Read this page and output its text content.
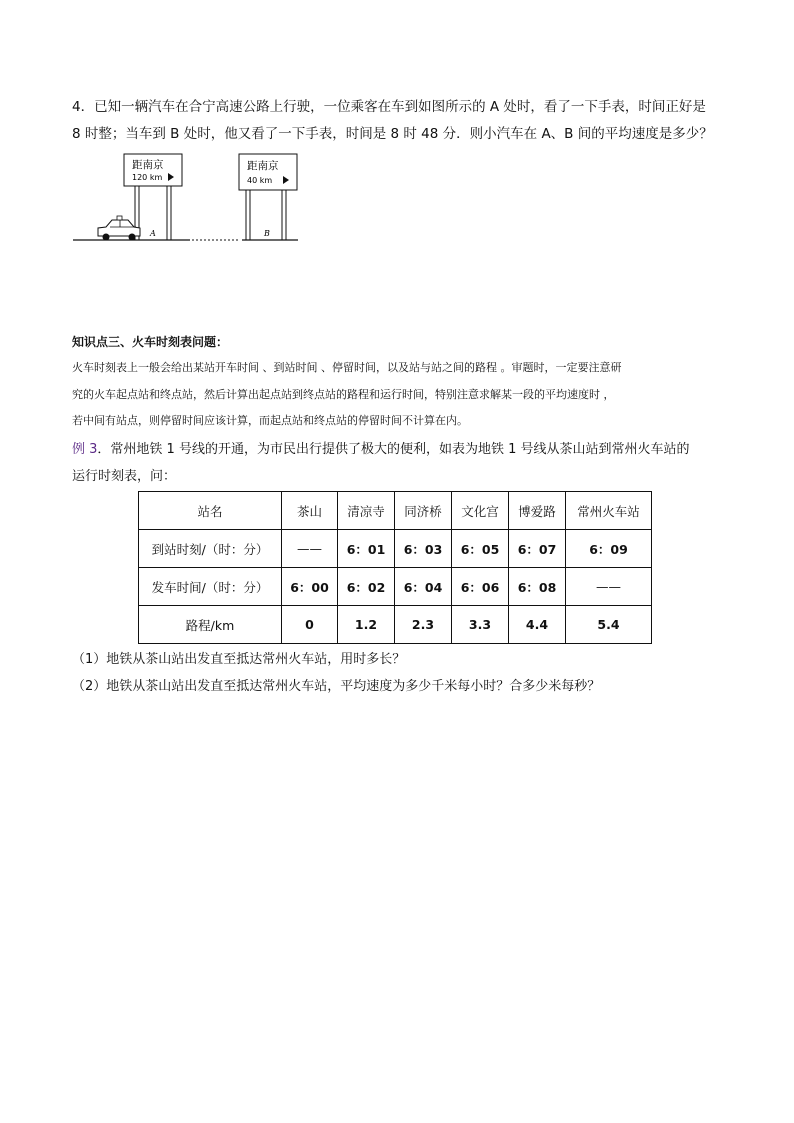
4．已知一辆汽车在合宁高速公路上行驶，一位乘客在车到如图所示的 A 处时，看了一下手表，时间正好是
8 时整；当车到 B 处时，他又看了一下手表，时间是 8 时 48 分．则小汽车在 A、B 间的平均速度是多少？
距南京
120 km
A
距南京
40 km
B
知识点三、火车时刻表问题：
火车时刻表上一般会给出某站开车时间 、到站时间 、停留时间，以及站与站之间的路程 。审题时，一定要注意研
究的火车起点站和终点站，然后计算出起点站到终点站的路程和运行时间，特别注意求解某一段的平均速度时 ，
若中间有站点，则停留时间应该计算，而起点站和终点站的停留时间不计算在内。
例 3．常州地铁 1 号线的开通，为市民出行提供了极大的便利，如表为地铁 1 号线从茶山站到常州火车站的
运行时刻表，问：
站名	茶山	清凉寺	同济桥	文化宫	博爱路	常州火车站
到站时刻/（时：分）	——	6：01	6：03	6：05	6：07	6：09
发车时间/（时：分）	6：00	6：02	6：04	6：06	6：08	——
路程/km	0	1.2	2.3	3.3	4.4	5.4
（1）地铁从茶山站出发直至抵达常州火车站，用时多长？
（2）地铁从茶山站出发直至抵达常州火车站，平均速度为多少千米每小时？合多少米每秒？
